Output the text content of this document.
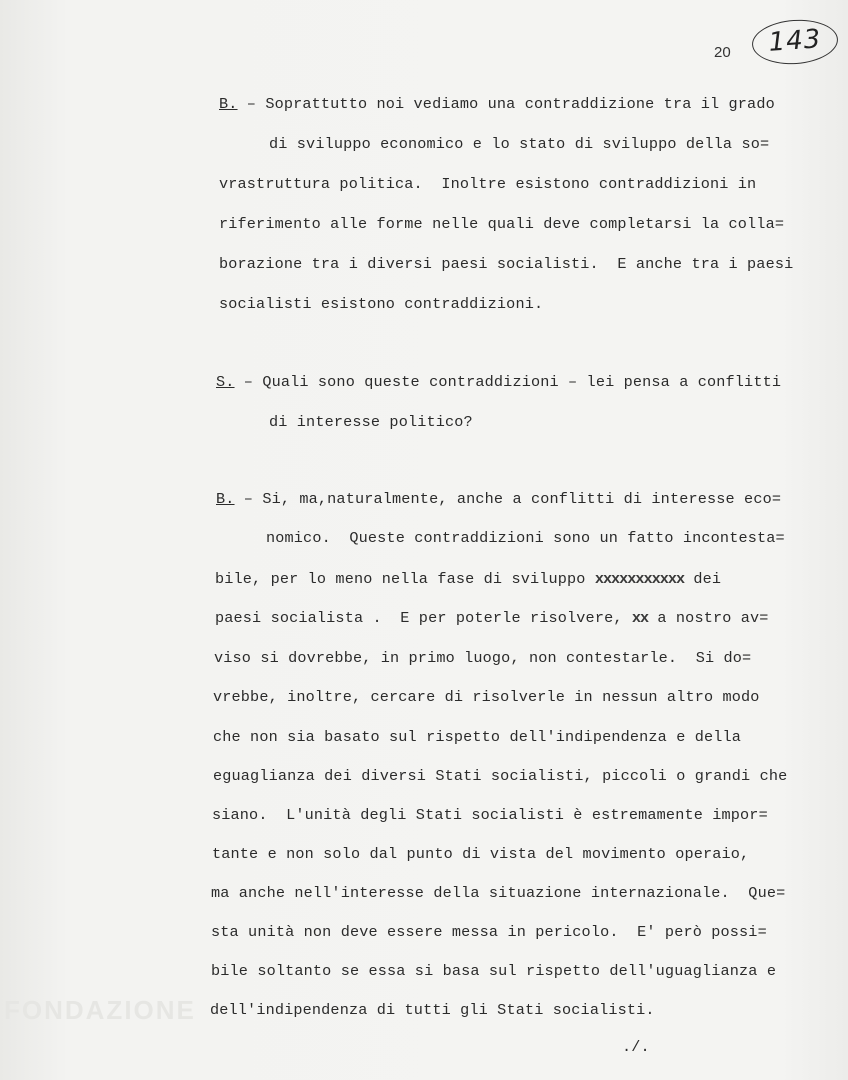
20	143
B. – Soprattutto noi vediamo una contraddizione tra il grado
di sviluppo economico e lo stato di sviluppo della so=
vrastruttura politica.  Inoltre esistono contraddizioni in
riferimento alle forme nelle quali deve completarsi la colla=
borazione tra i diversi paesi socialisti.  E anche tra i paesi
socialisti esistono contraddizioni.
S. – Quali sono queste contraddizioni – lei pensa a conflitti
di interesse politico?
B. – Si, ma,naturalmente, anche a conflitti di interesse eco=
nomico.  Queste contraddizioni sono un fatto incontesta=
bile, per lo meno nella fase di sviluppo xxxxxxxxxxx dei
paesi socialista .  E per poterle risolvere, xx a nostro av=
viso si dovrebbe, in primo luogo, non contestarle.  Si do=
vrebbe, inoltre, cercare di risolverle in nessun altro modo
che non sia basato sul rispetto dell'indipendenza e della
eguaglianza dei diversi Stati socialisti, piccoli o grandi che
siano.  L'unità degli Stati socialisti è estremamente impor=
tante e non solo dal punto di vista del movimento operaio,
ma anche nell'interesse della situazione internazionale.  Que=
sta unità non deve essere messa in pericolo.  E' però possi=
bile soltanto se essa si basa sul rispetto dell'uguaglianza e
dell'indipendenza di tutti gli Stati socialisti.
./.
FONDAZIONE
